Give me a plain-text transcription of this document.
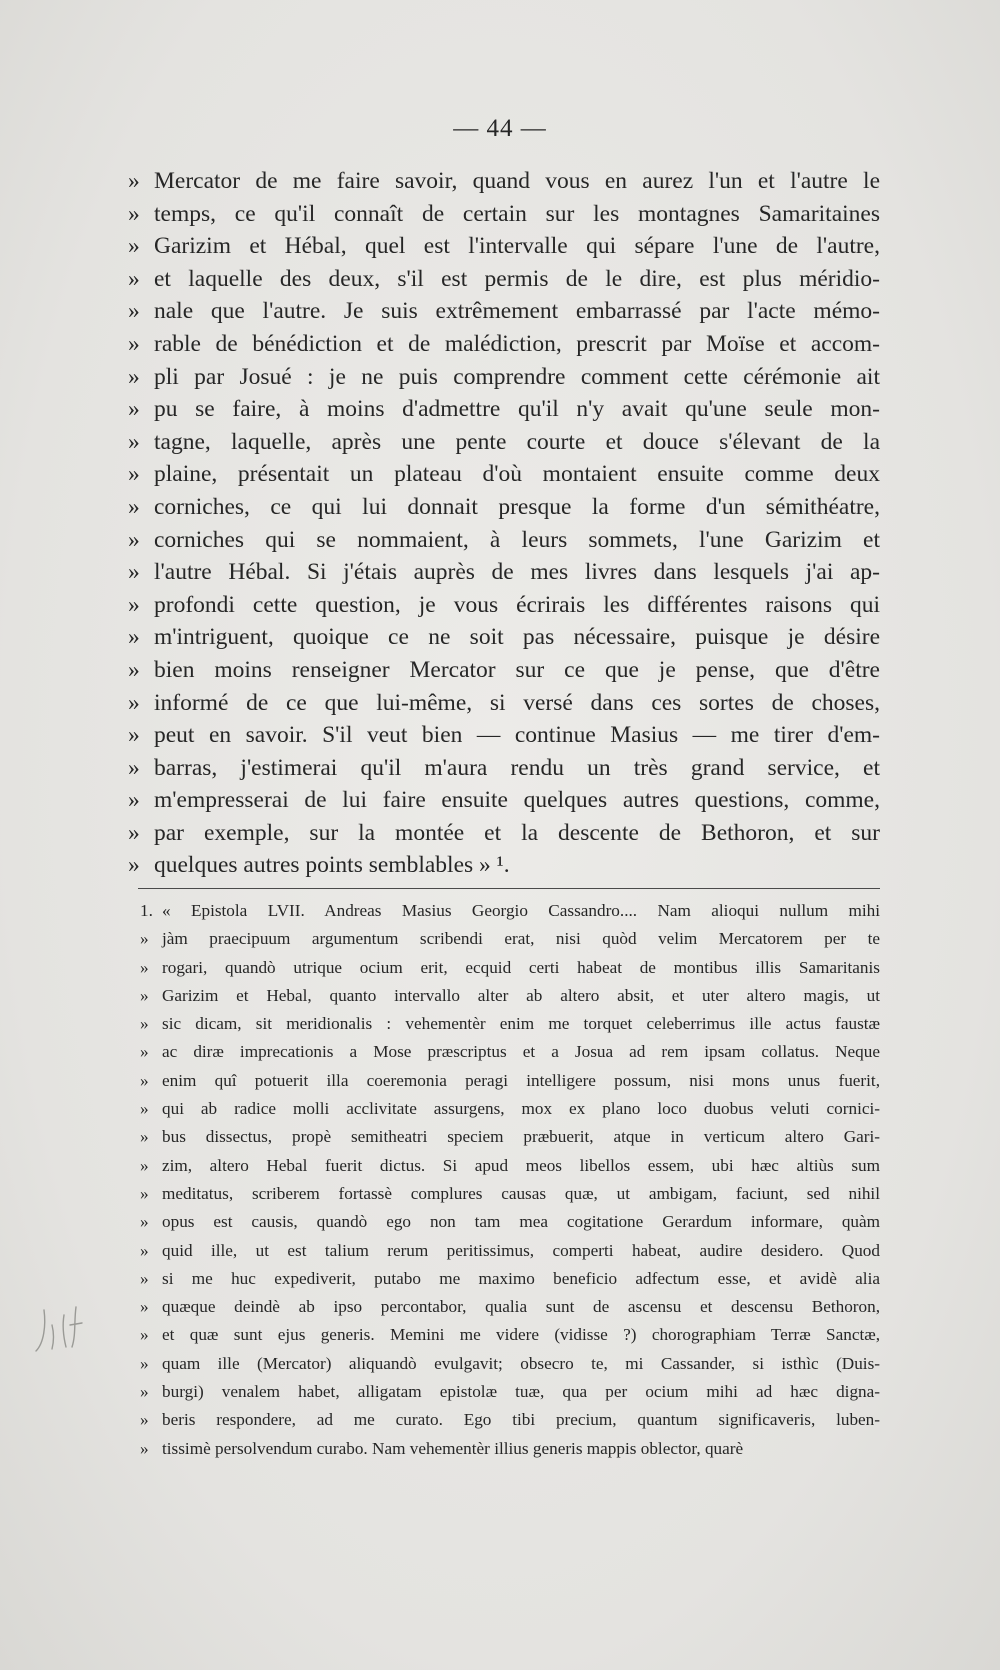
— 44 —
» Mercator de me faire savoir, quand vous en aurez l'un et l'autre le
» temps, ce qu'il connaît de certain sur les montagnes Samaritaines
» Garizim et Hébal, quel est l'intervalle qui sépare l'une de l'autre,
» et laquelle des deux, s'il est permis de le dire, est plus méridio-
» nale que l'autre. Je suis extrêmement embarrassé par l'acte mémo-
» rable de bénédiction et de malédiction, prescrit par Moïse et accom-
» pli par Josué : je ne puis comprendre comment cette cérémonie ait
» pu se faire, à moins d'admettre qu'il n'y avait qu'une seule mon-
» tagne, laquelle, après une pente courte et douce s'élevant de la
» plaine, présentait un plateau d'où montaient ensuite comme deux
» corniches, ce qui lui donnait presque la forme d'un sémithéatre,
» corniches qui se nommaient, à leurs sommets, l'une Garizim et
» l'autre Hébal. Si j'étais auprès de mes livres dans lesquels j'ai ap-
» profondi cette question, je vous écrirais les différentes raisons qui
» m'intriguent, quoique ce ne soit pas nécessaire, puisque je désire
» bien moins renseigner Mercator sur ce que je pense, que d'être
» informé de ce que lui-même, si versé dans ces sortes de choses,
» peut en savoir. S'il veut bien — continue Masius — me tirer d'em-
» barras, j'estimerai qu'il m'aura rendu un très grand service, et
» m'empresserai de lui faire ensuite quelques autres questions, comme,
» par exemple, sur la montée et la descente de Bethoron, et sur
» quelques autres points semblables » ¹.
1. « Epistola LVII. Andreas Masius Georgio Cassandro.... Nam alioqui nullum mihi
» jàm praecipuum argumentum scribendi erat, nisi quòd velim Mercatorem per te
» rogari, quandò utrique ocium erit, ecquid certi habeat de montibus illis Samaritanis
» Garizim et Hebal, quanto intervallo alter ab altero absit, et uter altero magis, ut
» sic dicam, sit meridionalis : vehementèr enim me torquet celeberrimus ille actus faustæ
» ac diræ imprecationis a Mose præscriptus et a Josua ad rem ipsam collatus. Neque
» enim quî potuerit illa coeremonia peragi intelligere possum, nisi mons unus fuerit,
» qui ab radice molli acclivitate assurgens, mox ex plano loco duobus veluti cornici-
» bus dissectus, propè semitheatri speciem præbuerit, atque in verticum altero Gari-
» zim, altero Hebal fuerit dictus. Si apud meos libellos essem, ubi hæc altiùs sum
» meditatus, scriberem fortassè complures causas quæ, ut ambigam, faciunt, sed nihil
» opus est causis, quandò ego non tam mea cogitatione Gerardum informare, quàm
» quid ille, ut est talium rerum peritissimus, comperti habeat, audire desidero. Quod
» si me huc expediverit, putabo me maximo beneficio adfectum esse, et avidè alia
» quæque deindè ab ipso percontabor, qualia sunt de ascensu et descensu Bethoron,
» et quæ sunt ejus generis. Memini me videre (vidisse ?) chorographiam Terræ Sanctæ,
» quam ille (Mercator) aliquandò evulgavit; obsecro te, mi Cassander, si isthìc (Duis-
» burgi) venalem habet, alligatam epistolæ tuæ, qua per ocium mihi ad hæc digna-
» beris respondere, ad me curato. Ego tibi precium, quantum significaveris, luben-
» tissimè persolvendum curabo. Nam vehementèr illius generis mappis oblector, quarè
